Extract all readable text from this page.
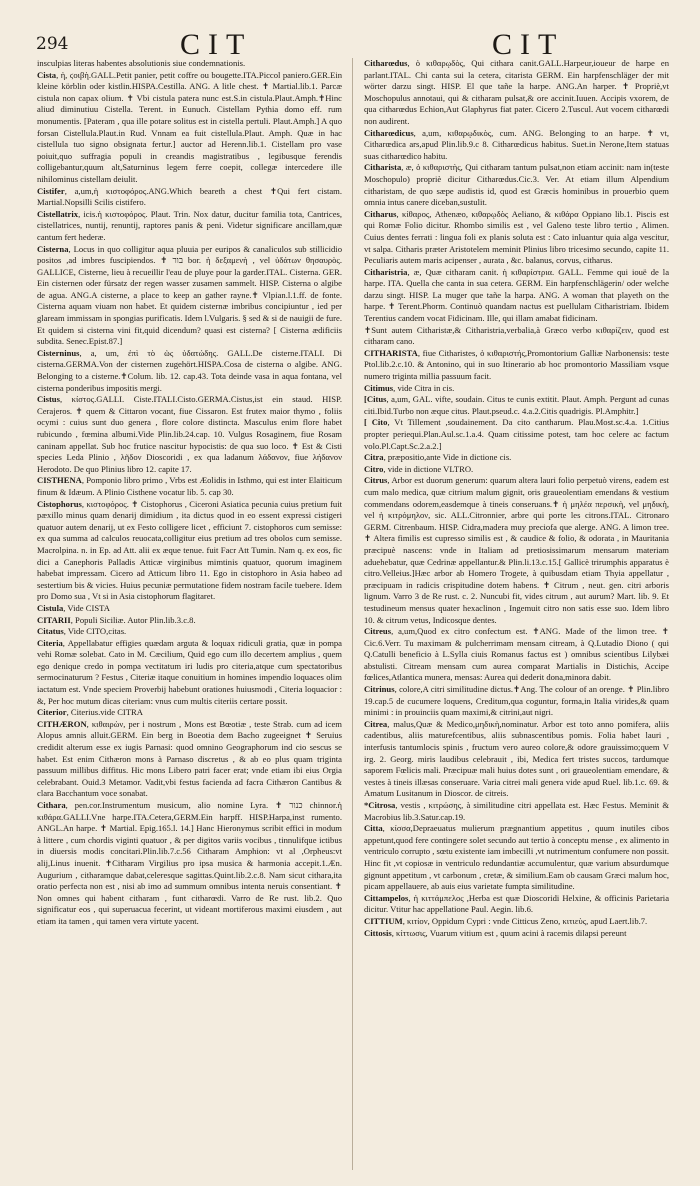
294	CIT	CIT

insculpias literas habentes absolutionis siue condemnationis.

Cista, ἡ, ϛοιβὴ.GALL.Petit panier, petit coffre ou bougette.ITA.Piccol paniero.GER.Ein kleine körblin oder kistlin.HISPA.Cestilla. ANG. A litle chest. ✝ Martial.lib.1. Parcæ cistula non capax olium. ✝ Vbi cistula patera nunc est.S.in cistula.Plaut.Amph.✝Hinc aliud diminutiuu Cistella. Terent. in Eunuch. Cistellam Pythia domo eff. rum monumentis. [Pateram , qua ille potare solitus est in cistella pertuli. Plaut.Amph.] A quo forsan Cistellula.Plaut.in Rud. Vnnam ea fuit cistellula.Plaut. Amph. Quæ in hac cistellula tuo signo obsignata fertur.] auctor ad Herenn.lib.1. Cistellam pro vase poiuit,quo suffragia populi in creandis magistratibus , legibusque ferendis colligebantur,quum alt,Saturninus legem ferre coepit, collegæ intercedere ille nihilominus cistellam deiulit.

Cistifer, a,um,ἡ κιστοφόρος.ANG.Which beareth a chest ✝Qui fert cistam. Martial.Nopsilli Scilis cistifero.

Cistellatrix, icis.ἡ κιστοφόρος. Plaut. Trin. Nox datur, ducitur familia tota, Cantrices, cistellatrices, nuntij, renuntij, raptores panis & peni. Videtur significare ancillam,quæ cantum fert hederæ.

Cisterna, Locus in quo colligitur aqua pluuia per euripos & canaliculos sub stillicidio positos ,ad imbres fuscipiendos. ✝ בור bor. ἡ δεξαμενὴ , vel ὑδάτων θησαυρὸς. GALLICE, Cisterne, lieu à recueillir l'eau de pluye pour la garder.ITAL. Cisterna. GER. Ein cisternen oder fürsatz der regen wasser zusamen sammelt. HISP. Cisterna o algibe de agua. ANG.A cisterne, a place to keep an gather rayne.✝ Vlpian.l.1.ff. de fonte. Cisterna aquam viuam non habet. Et quidem cisternæ imbribus concipiuntur , ied per glaream immissam in spongias purificatis. Idem l.Vulgaris. § sed & si de nauigii de fure. Et quidem si cisterna vini fit,quid dicendum? quasi est cisterna? [ Cisterna ædificiis subdita. Senec.Epist.87.]

Cisterninus, a, um, ἐπὶ τὸ ὡς ὑδατώδης. GALL.De cisterne.ITALI. Di cisterna.GERMA.Von der cisternen zugehört.HISPA.Cosa de cisterna o algibe. ANG. Belonging to a cisterne.✝Colum. lib. 12. cap.43. Tota deinde vasa in aqua fontana, vel cisterna ponderibus impositis mergi.

Cistus, κίστος.GALLI. Ciste.ITALI.Cisto.GERMA.Cistus,ist ein staud. HISP. Cerajeros. ✝ quem & Cittaron vocant, fiue Cissaron. Est frutex maior thymo , foliis ocymi : cuius sunt duo genera , flore colore distincta. Masculus enim flore habet rubicundo , fœmina albumi.Vide Plin.lib.24.cap. 10. Vulgus Rosaginem, fiue Rosam caninam appellat. Sub hoc frutice nascitur hypocistis: de qua suo loco. ✝ Est & Cisti species Leda Plinio , λῆδον Dioscoridi , ex qua ladanum λάδανον, fiue λήδανον Herodoto. De quo Plinius libro 12. capite 17.

CISTHENA, Pomponio libro primo , Vrbs est Æolidis in Isthmo, qui est inter Elaiticum finum & Idæum. A Plinio Cisthene vocatur lib. 5. cap 30.

Cistophorus, κιστοφόρος. ✝ Cistophorus , Ciceroni Asiatica pecunia cuius pretium fuit pæxillo minus quam denarij dimidium , ita dictus quod in eo essent expressi cistigeri quatuor autem denarij, ut ex Festo colligere licet , efficiunt 7. cistophoros cum semisse: ex qua summa ad calculos reuocata,colligitur eius pretium ad tres obolos cum semisse. Macrolpina. n. in Ep. ad Att. alii ex æque tenue. fuit Facr Att Tumin. Nam q. ex eos, fic dici a Canephoris Palladis Atticæ virginibus mimtinis quatuor, quorum imaginem habebat impressam. Cicero ad Atticum libro 11. Ego in cistophoro in Asia habeo ad sestertium bis & vicies. Huius pecuniæ permutatione fidem nostram facile tuebere. Idem pro Domo sua , Vt si in Asia cistophorum flagitaret.

Cistula, Vide CISTA

CITARII, Populi Siciliæ. Autor Plin.lib.3.c.8.

Citatus, Vide CITO,citas.

Citeria, Appellabatur effigies quædam arguta & loquax ridiculi gratia, quæ in pompa vehi Romæ solebat. Cato in M. Cæcilium, Quid ego cum illo decertem amplius , quem ego denique credo in pompa vectitatum iri ludis pro citeria,atque cum spectatoribus sermocinaturum ? Festus , Citeriæ itaque conuitium in homines impendio loquaces olim iactatum est. Vnde speciem Proverbij habebunt orationes huiusmodi , Citeria loquacior : &, Per hoc mutum dicas citeriam: vnus cum multis citeriis certare possit.

Citerior, Citerius.vide CITRA

CITHÆRON, κιθαιρὼν, per i nostrum , Mons est Bœotiæ , teste Strab. cum ad icem Alopus amnis alluit.GERM. Ein berg in Boeotia dem Bacho zugeeignet ✝ Seruius credidit alterum esse ex iugis Parnasi: quod omnino Geographorum ind cio sescus se habet. Est enim Cithæron mons à Parnaso discretus , & ab eo plus quam triginta passuum millibus diffitus. Hic mons Libero patri facer erat; vnde etiam ibi eius Orgia celebrabant. Ouid.3 Metamor. Vadit,vbi festus facienda ad facra Cithæron Cantibus & clara Bacchantum voce sonabat.

Cithara, pen.cor.Instrumentum musicum, alio nomine Lyra. ✝ כנור chinnor.ἡ κιθάρα.GALLI.Vne harpe.ITA.Cetera,GERM.Ein harpff. HISP.Harpa,inst rumento. ANGL.An harpe. ✝ Martial. Epig.165.l. 14.] Hanc Hieronymus scribit effici in modum à littere , cum chordis viginti quatuor , & per digitos variis vocibus , tinnulifque ictibus in diuersis modis concitari.Plin.lib.7.c.56 Citharam Amphion: vt al ,Orpheus:vt alij,Linus inuenit. ✝Citharam Virgilius pro ipsa musica & harmonia accepit.1.Æn. Augurium , citharamque dabat,celeresque sagittas.Quint.lib.2.c.8. Nam sicut cithara,ita oratio perfecta non est , nisi ab imo ad summum omnibus intenta neruis consentiant. ✝ Non omnes qui habent citharam , funt citharœdi. Varro de Re rust. lib.2. Quo significatur eos , qui superuacua fecerint, ut videant mortiferous maximi eiusdem , aut etiam ita tamen , qui tamen vera virtute yacent.

Citharœdus, ὁ κιθαρῳδὸς, Qui cithara canit.GALL.Harpeur,ioueur de harpe en parlant.ITAL. Chi canta sui la cetera, citarista GERM. Ein harpfenschläger der mit wörter darzu singt. HISP. El que tañe la harpe. ANG.An harper. ✝ Propriè,vt Moschopulus annotaui, qui & citharam pulsat,& ore accinit.Iuuen. Accipis vxorem, de qua citharœdus Echion,Aut Glaphyrus fiat pater. Cicero 2.Tuscul. Aut vocem citharœdi non audirent.

Citharœdicus, a,um, κιθαρῳδικὸς, cum. ANG. Belonging to an harpe. ✝ vt, Citharœdica ars,apud Plin.lib.9.c 8. Citharœdicus habitus. Suet.in Nerone,Item statuas suas citharœdico habitu.

Citharista, æ, ὁ κιθαριστὴς, Qui citharam tantum pulsat,non etiam accinit: nam in(teste Moschopulo) propriè dicitur Citharœdus.Cic.3. Ver. At etiam illum Alpendium citharistam, de quo sæpe audistis id, quod est Græcis hominibus in prouerbio quem omnia intus canere diceban,sustulit.

Citharus, κίθαρος, Athenæo, κιθαρῳδὸς Aeliano, & κιθάρα Oppiano lib.1. Piscis est qui Romæ Folio dicitur. Rhombo similis est , vel Galeno teste libro tertio , Alimen. Cuius dentes ferrati : lingua foli ex planis soluta est : Cato inluantur quia alga vescitur, vt salpa. Citharis præter Aristotelem meminit Plinius libro tricesimo secundo, capite 11. Peculiaris autem maris acipenser , aurata , &c. balanus, corvus, citharus.

Citharistria, æ, Quæ citharam canit. ἡ κιθαρίστρια. GALL. Femme qui iouë de la harpe. ITA. Quella che canta in sua cetera. GERM. Ein harpfenschlägerin/ oder welche darzu singt. HISP. La muger que tañe la harpa. ANG. A woman that playeth on the harpe. ✝ Terent.Phorm. Continuò quandam nactus est puellulam Citharistriam. Ibidem Terentius candem vocat Fidicinam. Ille, qui illam amabat fidicinam.

✝Sunt autem Citharistæ,& Citharistria,verbalia,à Græco verbo κιθαρίζειν, quod est citharam cano.

CITHARISTA, fiue Citharistes, ὁ κιθαριστής,Promontorium Galliæ Narbonensis: teste Ptol.lib.2.c.10. & Antonino, qui in suo Itinerario ab hoc promontorio Massiliam vsque numero triginta millia passuum facit.

Citimus, vide Citra in cis.

[Citus, a,um, GAL. vifte, soudain. Citus te cunis extitit. Plaut. Amph. Pergunt ad cunas citi.Ibid.Turbo non æque citus. Plaut.pseud.c. 4.a.2.Citis quadrigis. Pl.Amphitr.]

[ Cito, Vt Tillement ,soudainement. Da cito cantharum. Plau.Most.sc.4.a. 1.Citius propter periequi.Plan.Aul.sc.1.a.4. Quam citissime potest, tam hoc celere ac factum volo.Pl.Capt.Sc.2.a.2.]

Citra, præpositio,ante Vide in dictione cis.

Citro, vide in dictione VLTRO.

Citrus, Arbor est duorum generum: quarum altera lauri folio perpetuò virens, eadem est cum malo medica, quæ citrium malum gignit, oris graueolentiam emendans & vestium commendans odorem,easdemque à tineis conseruans.✝ ἡ μηλέα περσικὴ, vel μηδικὴ, vel ἡ κιτρόμηλον, sic. ALL.Citronnier, arbre qui porte les citrons.ITAL. Citronaro GERM. Citrenbaum. HISP. Cidra,madera muy preciofa que alerge. ANG. A limon tree. ✝ Altera fimilis est cupresso similis est , & caudice & folio, & odorata , in Mauritania præcipuè nascens: vnde in Italiam ad pretiosissimarum mensarum materiam aduehebatur, quæ Cedrinæ appellantur.& Plin.li.13.c.15.[ Gallicè trirumphis apparatus è citro.Velleius.]Hæc arbor ab Homero Trogete, à quibusdam etiam Thyia appellatur , præcipuam in radicis crispitudine dotem habens. ✝ Citrum , neut. gen. citri arboris lignum. Varro 3 de Re rust. c. 2. Nuncubi fit, vides citrum , aut aurum? Mart. lib. 9. Et testudineum mensus quater hexaclinon , Ingemuit citro non satis esse suo. Idem libro 10. & citrum vetus, Indicosque dentes.

Citreus, a,um,Quod ex citro confectum est. ✝ANG. Made of the limon tree. ✝ Cic.6.Verr. Tu maximam & pulcherrimam mensam citream, à Q.Lutadio Diono ( qui Q.Catulli beneficio à L.Sylla ciuis Romanus factus est ) omnibus scientibus Lilybæi abstulisti. Citream mensam cum aurea comparat Martialis in Distichis, Accipe fœlices,Atlantica munera, mensas: Aurea qui dederit dona,minora dabit.

Citrinus, colore,A citri similitudine dictus.✝Ang. The colour of an orenge. ✝ Plin.libro 19.cap.5 de cucumere loquens, Creditum,qua coguntur, forma,in Italia virides,& quam minimi : in prouinciis quam maximi,& citrini,aut nigri.

Citrea, malus,Quæ & Medico,μηδικὴ,nominatur. Arbor est toto anno pomifera, aliis cadentibus, aliis maturefcentibus, aliis subnascentibus pomis. Folia habet lauri , interfusis tantumlocis spinis , fructum vero aureo colore,& odore grauissimo;quem V irg. 2. Georg. miris laudibus celebrauit , ibi, Medica fert tristes succos, tardumque saporem Fœlicis mali. Præcipuæ mali huius dotes sunt , ori graueolentiam emendare, & vestes à tineis illæsas conseruare. Varia citrei mali genera vide apud Ruel. lib.1.c. 69. & Amatum Lusitanum in Dioscor. de citreis.

*Citrosa, vestis , κιτρώσης, à similitudine citri appellata est. Hæc Festus. Meminit & Macrobius lib.3.Satur.cap.19.

Citta, κίσσα,Depraeuatus mulierum prægnantium appetitus , quum inutiles cibos appetunt,quod fere contingere solet secundo aut tertio à conceptu mense , ex alimento in ventriculo corrupto , sœtu existente iam imbecilli ,vt nutrimentum confumere non possit. Hinc fit ,vt copiosæ in ventriculo redundantiæ accumulentur, quæ varium absurdumque gignunt appetitum , vt carbonum , cretæ, & similium.Eam ob causam Græci malum hoc, picam appellauere, ab auis eius varietate fumpta similitudine.

Cittampelos, ἡ κιττάμπελος ,Herba est quæ Dioscoridi Helxine, & officinis Parietaria dicitur. Vtitur hac appellatione Paul. Aegin. lib.6.

CITTIUM, κιτίον, Oppidum Cypri : vnde Citticus Zeno, κιτιεὺς, apud Laert.lib.7.

Cittosis, κίττωσις, Vuarum vitium est , quum acini à racemis dilapsi pereunt
